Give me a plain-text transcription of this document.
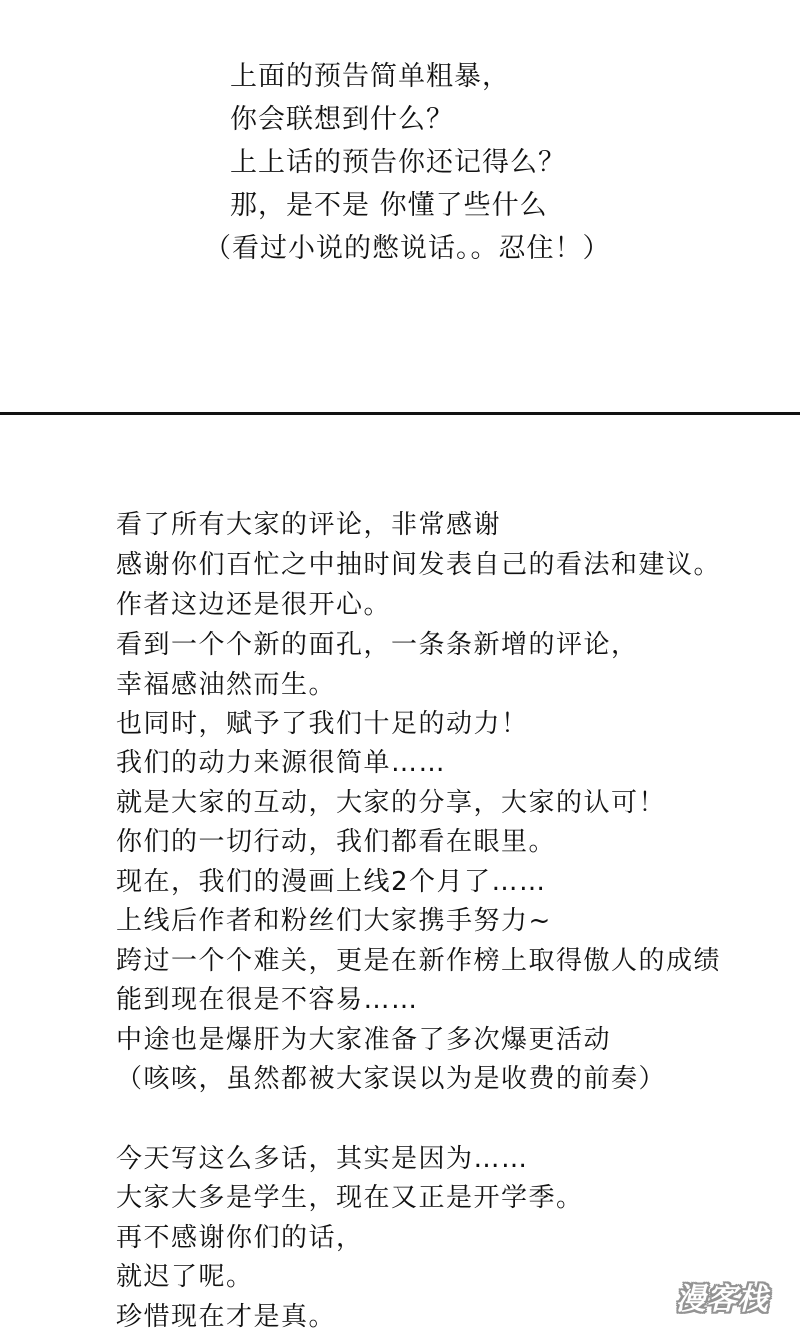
上面的预告简单粗暴，
你会联想到什么？
上上话的预告你还记得么？
那，是不是 你懂了些什么
（看过小说的憋说话。。忍住！）
看了所有大家的评论，非常感谢
感谢你们百忙之中抽时间发表自己的看法和建议。
作者这边还是很开心。
看到一个个新的面孔，一条条新增的评论，
幸福感油然而生。
也同时，赋予了我们十足的动力！
我们的动力来源很简单……
就是大家的互动，大家的分享，大家的认可！
你们的一切行动，我们都看在眼里。
现在，我们的漫画上线2个月了……
上线后作者和粉丝们大家携手努力~
跨过一个个难关，更是在新作榜上取得傲人的成绩
能到现在很是不容易……
中途也是爆肝为大家准备了多次爆更活动
（咳咳，虽然都被大家误以为是收费的前奏）
今天写这么多话，其实是因为……
大家大多是学生，现在又正是开学季。
再不感谢你们的话，
就迟了呢。
珍惜现在才是真。	漫客栈
